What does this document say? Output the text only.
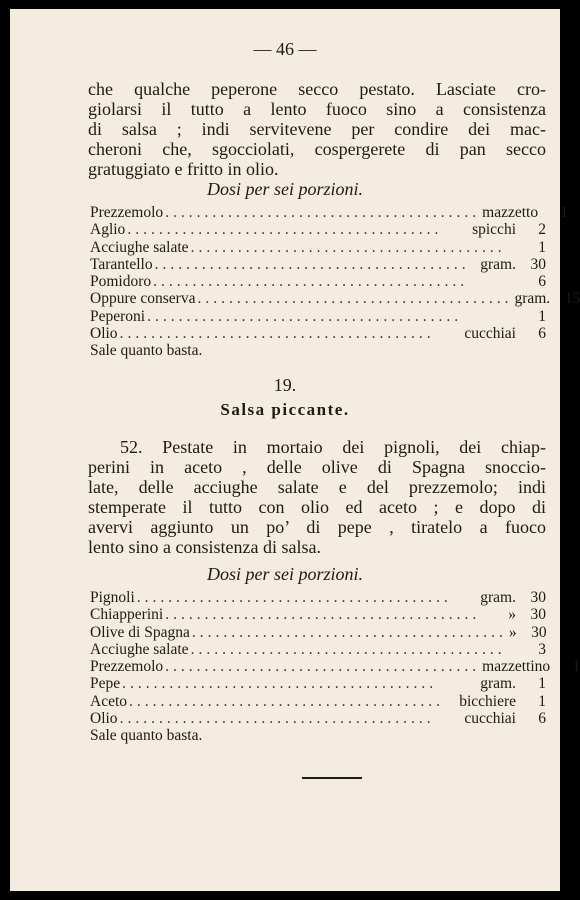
— 46 —

che qualche peperone secco pestato. Lasciate cro-
giolarsi il tutto a lento fuoco sino a consistenza
di salsa ; indi servitevene per condire dei mac-
cheroni che, sgocciolati, cospergerete di pan secco
gratuggiato e fritto in olio.

Dosi per sei porzioni.
Prezzemolo ........................................ mazzetto	1
Aglio ........................................	spicchi	2
Acciughe salate ........................................	1
Tarantello ........................................ gram. 30
Pomidoro ........................................	6
Oppure conserva ........................................ gram. 15
Peperoni ........................................	1
Olio ........................................	cucchiai	6
Sale quanto basta.
19.
Salsa piccante.

52. Pestate in mortaio dei pignoli, dei chiap-
perini in aceto , delle olive di Spagna snoccio-
late, delle acciughe salate e del prezzemolo; indi
stemperate il tutto con olio ed aceto ; e dopo di
avervi aggiunto un po’ di pepe , tiratelo a fuoco
lento sino a consistenza di salsa.

Dosi per sei porzioni.
Pignoli ........................................	gram. 30
Chiapperini ........................................	» 30
Olive di Spagna ........................................ » 30
Acciughe salate ........................................	3
Prezzemolo ........................................ mazzettino	1
Pepe ........................................	gram.	1
Aceto ........................................ bicchiere	1
Olio ........................................	cucchiai	6
Sale quanto basta.
